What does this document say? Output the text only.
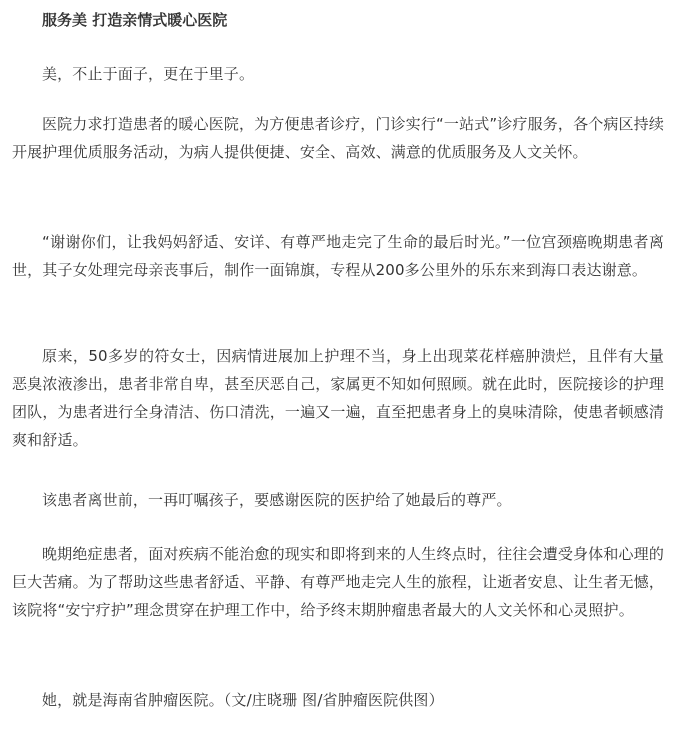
服务美 打造亲情式暖心医院

美，不止于面子，更在于里子。

医院力求打造患者的暖心医院，为方便患者诊疗，门诊实行“一站式”诊疗服务，各个病区持续开展护理优质服务活动，为病人提供便捷、安全、高效、满意的优质服务及人文关怀。

“谢谢你们，让我妈妈舒适、安详、有尊严地走完了生命的最后时光。”一位宫颈癌晚期患者离世，其子女处理完母亲丧事后，制作一面锦旗，专程从200多公里外的乐东来到海口表达谢意。

原来，50多岁的符女士，因病情进展加上护理不当，身上出现菜花样癌肿溃烂，且伴有大量恶臭浓液渗出，患者非常自卑，甚至厌恶自己，家属更不知如何照顾。就在此时，医院接诊的护理团队，为患者进行全身清洁、伤口清洗，一遍又一遍，直至把患者身上的臭味清除，使患者顿感清爽和舒适。

该患者离世前，一再叮嘱孩子，要感谢医院的医护给了她最后的尊严。

晚期绝症患者，面对疾病不能治愈的现实和即将到来的人生终点时，往往会遭受身体和心理的巨大苦痛。为了帮助这些患者舒适、平静、有尊严地走完人生的旅程，让逝者安息、让生者无憾，该院将“安宁疗护”理念贯穿在护理工作中，给予终末期肿瘤患者最大的人文关怀和心灵照护。

她，就是海南省肿瘤医院。（文/庄晓珊 图/省肿瘤医院供图）
